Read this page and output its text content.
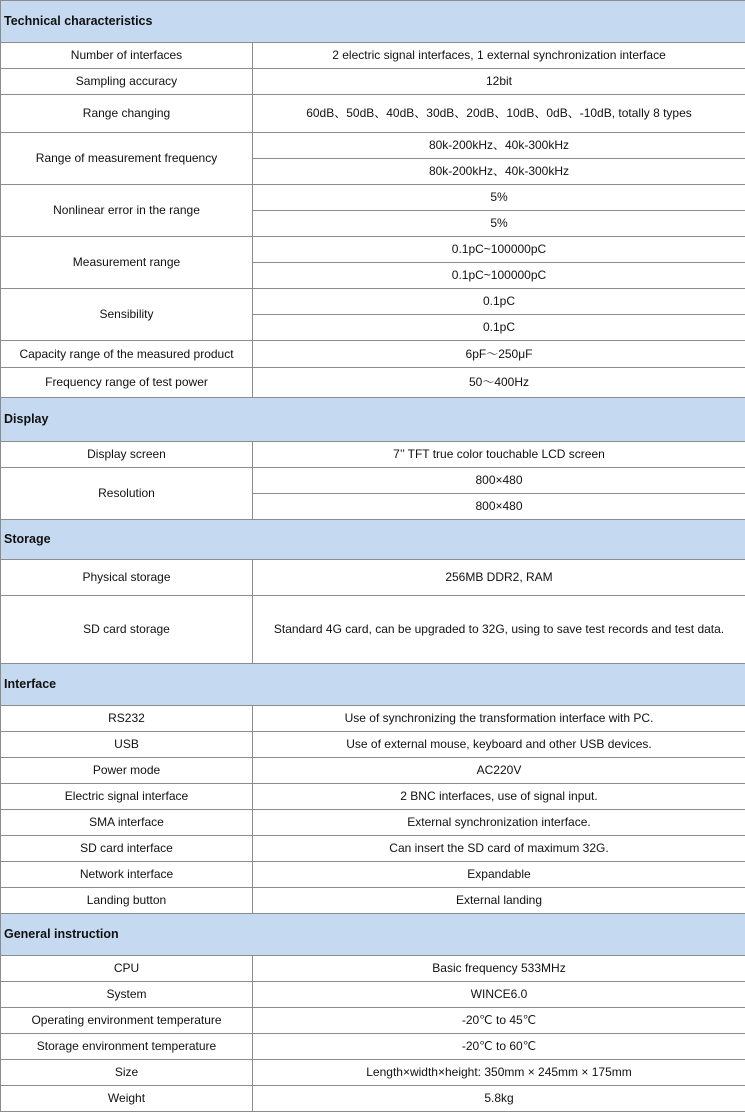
Technical characteristics	
Number of interfaces	2 electric signal interfaces, 1 external synchronization interface
Sampling accuracy	12bit
Range changing	60dB、50dB、40dB、30dB、20dB、10dB、0dB、-10dB, totally 8 types
Range of measurement frequency	80k-200kHz、40k-300kHz
	80k-200kHz、40k-300kHz
Nonlinear error in the range	5%
	5%
Measurement range	0.1pC~100000pC
	0.1pC~100000pC
Sensibility	0.1pC
	0.1pC
Capacity range of the measured product	6pF～250μF
Frequency range of test power	50～400Hz
Display	
Display screen	7’’ TFT true color touchable LCD screen
Resolution	800×480
	800×480
Storage	
Physical storage	256MB DDR2, RAM
SD card storage	Standard 4G card, can be upgraded to 32G, using to save test records and test data.
Interface	
RS232	Use of synchronizing the transformation interface with PC.
USB	Use of external mouse, keyboard and other USB devices.
Power mode	AC220V
Electric signal interface	2 BNC interfaces, use of signal input.
SMA interface	External synchronization interface.
SD card interface	Can insert the SD card of maximum 32G.
Network interface	Expandable
Landing button	External landing
General instruction	
CPU	Basic frequency 533MHz
System	WINCE6.0
Operating environment temperature	-20℃ to 45℃
Storage environment temperature	-20℃ to 60℃
Size	Length×width×height: 350mm × 245mm × 175mm
Weight	5.8kg
